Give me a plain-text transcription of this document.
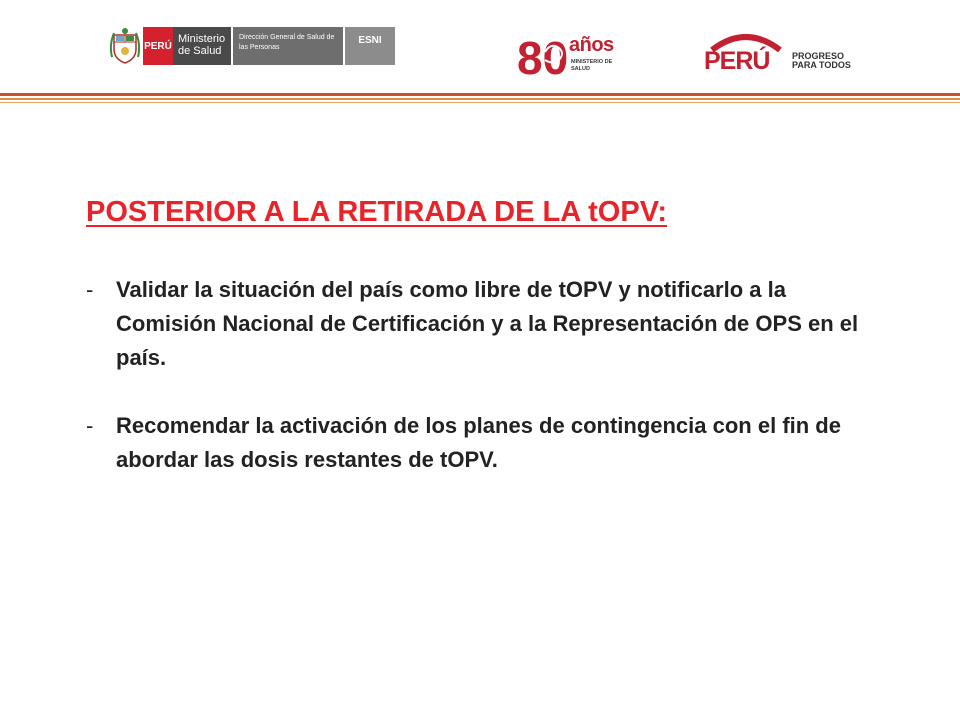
PERÚ
Ministerio de Salud
Dirección General de Salud de las Personas
ESNI	80 años
MINISTERIO DE SALUD	PERÚ	PROGRESO PARA TODOS
POSTERIOR A LA RETIRADA DE LA tOPV:
-	Validar la situación del país como libre de tOPV y notificarlo a la Comisión Nacional de Certificación y a la Representación de OPS en el país.
-	Recomendar la activación de los planes de contingencia con el fin de abordar las dosis restantes de tOPV.
